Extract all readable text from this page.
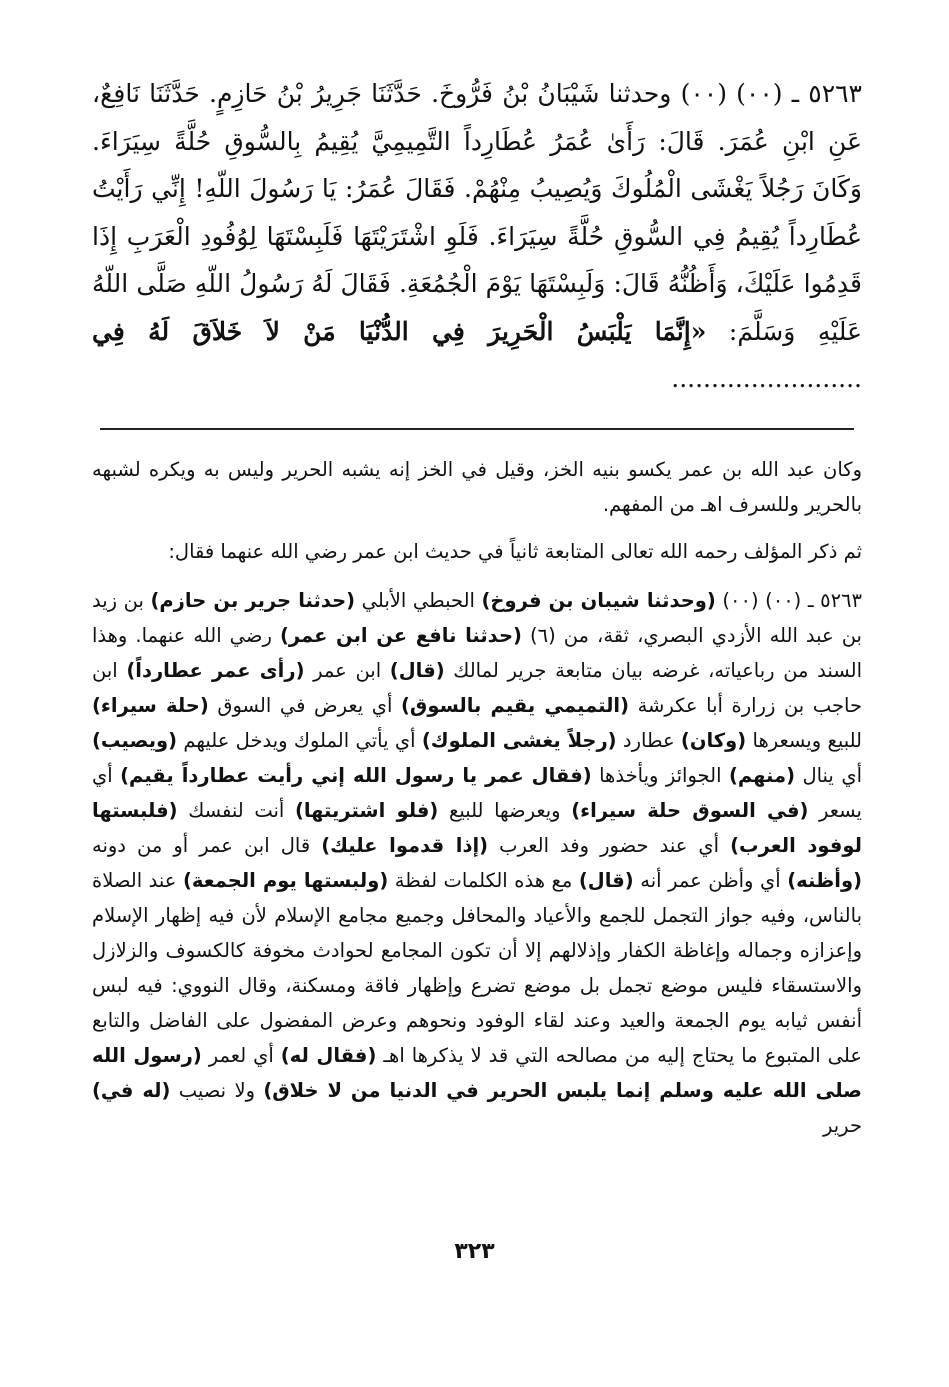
٥٢٦٣ ـ (٠٠) (٠٠) وحدثنا شَيْبَانُ بْنُ فَرُّوخَ. حَدَّثَنَا جَرِيرُ بْنُ حَازِمٍ. حَدَّثَنَا نَافِعٌ، عَنِ ابْنِ عُمَرَ. قَالَ: رَأَىٰ عُمَرُ عُطَارِداً التَّمِيمِيَّ يُقِيمُ بِالسُّوقِ حُلَّةً سِيَرَاءَ. وَكَانَ رَجُلاً يَغْشَى الْمُلُوكَ وَيُصِيبُ مِنْهُمْ. فَقَالَ عُمَرُ: يَا رَسُولَ اللّهِ! إِنِّي رَأَيْتُ عُطَارِداً يُقِيمُ فِي السُّوقِ حُلَّةً سِيَرَاءَ. فَلَوِ اشْتَرَيْتَهَا فَلَبِسْتَهَا لِوُفُودِ الْعَرَبِ إِذَا قَدِمُوا عَلَيْكَ، وَأَظُنُّهُ قَالَ: وَلَبِسْتَهَا يَوْمَ الْجُمُعَةِ. فَقَالَ لَهُ رَسُولُ اللّهِ صَلَّى اللّهُ عَلَيْهِ وَسَلَّمَ: «إِنَّمَا يَلْبَسُ الْحَرِيرَ فِي الدُّنْيَا مَنْ لاَ خَلاَقَ لَهُ فِي ........................

وكان عبد الله بن عمر يكسو بنيه الخز، وقيل في الخز إنه يشبه الحرير وليس به ويكره لشبهه بالحرير وللسرف اهـ من المفهم.

ثم ذكر المؤلف رحمه الله تعالى المتابعة ثانياً في حديث ابن عمر رضي الله عنهما فقال:

٥٢٦٣ ـ (٠٠) (٠٠) (وحدثنا شيبان بن فروخ) الحبطي الأبلي (حدثنا جرير بن حازم) بن زيد بن عبد الله الأزدي البصري، ثقة، من (٦) (حدثنا نافع عن ابن عمر) رضي الله عنهما. وهذا السند من رباعياته، غرضه بيان متابعة جرير لمالك (قال) ابن عمر (رأى عمر عطارداً) ابن حاجب بن زرارة أبا عكرشة (التميمي يقيم بالسوق) أي يعرض في السوق (حلة سيراء) للبيع ويسعرها (وكان) عطارد (رجلاً يغشى الملوك) أي يأتي الملوك ويدخل عليهم (ويصيب) أي ينال (منهم) الجوائز ويأخذها (فقال عمر يا رسول الله إني رأيت عطارداً يقيم) أي يسعر (في السوق حلة سيراء) ويعرضها للبيع (فلو اشتريتها) أنت لنفسك (فلبستها لوفود العرب) أي عند حضور وفد العرب (إذا قدموا عليك) قال ابن عمر أو من دونه (وأظنه) أي وأظن عمر أنه (قال) مع هذه الكلمات لفظة (ولبستها يوم الجمعة) عند الصلاة بالناس، وفيه جواز التجمل للجمع والأعياد والمحافل وجميع مجامع الإسلام لأن فيه إظهار الإسلام وإعزازه وجماله وإغاظة الكفار وإذلالهم إلا أن تكون المجامع لحوادث مخوفة كالكسوف والزلازل والاستسقاء فليس موضع تجمل بل موضع تضرع وإظهار فاقة ومسكنة، وقال النووي: فيه لبس أنفس ثيابه يوم الجمعة والعيد وعند لقاء الوفود ونحوهم وعرض المفضول على الفاضل والتابع على المتبوع ما يحتاج إليه من مصالحه التي قد لا يذكرها اهـ (فقال له) أي لعمر (رسول الله صلى الله عليه وسلم إنما يلبس الحرير في الدنيا من لا خلاق) ولا نصيب (له في) حرير

٣٢٣
